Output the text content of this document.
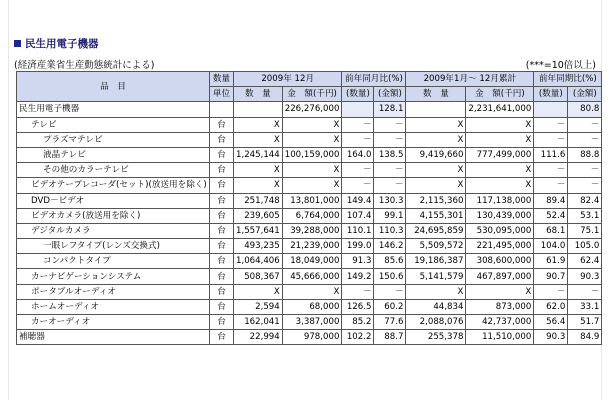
民生用電子機器
(経済産業省生産動態統計による)	(***=10倍以上)
品　目	数量	2009年 12月		前年同月比(%)		2009年1月～ 12月累計		前年同期比(%)	
	単位	数　量	金　額(千円)	(数量)	(金額)	数　量	金　額(千円)	(数量)	(金額)
民生用電子機器			226,276,000		128.1		2,231,641,000		80.8
テレビ	台	X	X	－	－	X	X	－	－
プラズマテレビ	台	X	X	－	－	X	X	－	－
液晶テレビ	台	1,245,144	100,159,000	164.0	138.5	9,419,660	777,499,000	111.6	88.8
その他のカラーテレビ	台	X	X	－	－	X	X	－	－
ビデオテープレコーダ(セット)(放送用を除く)	台	X	X	－	－	X	X	－	－
DVD－ビデオ	台	251,748	13,801,000	149.4	130.3	2,115,360	117,138,000	89.4	82.4
ビデオカメラ(放送用を除く)	台	239,605	6,764,000	107.4	99.1	4,155,301	130,439,000	52.4	53.1
デジタルカメラ	台	1,557,641	39,288,000	110.1	110.3	24,695,859	530,095,000	68.1	75.1
一眼レフタイプ(レンズ交換式)	台	493,235	21,239,000	199.0	146.2	5,509,572	221,495,000	104.0	105.0
コンパクトタイプ	台	1,064,406	18,049,000	91.3	85.6	19,186,387	308,600,000	61.9	62.4
カーナビゲーションシステム	台	508,367	45,666,000	149.2	150.6	5,141,579	467,897,000	90.7	90.3
ポータブルオーディオ	台	X	X	－	－	X	X	－	－
ホームオーディオ	台	2,594	68,000	126.5	60.2	44,834	873,000	62.0	33.1
カーオーディオ	台	162,041	3,387,000	85.2	77.6	2,088,076	42,737,000	56.4	51.7
補聴器	台	22,994	978,000	102.2	88.7	255,378	11,510,000	90.3	84.9
